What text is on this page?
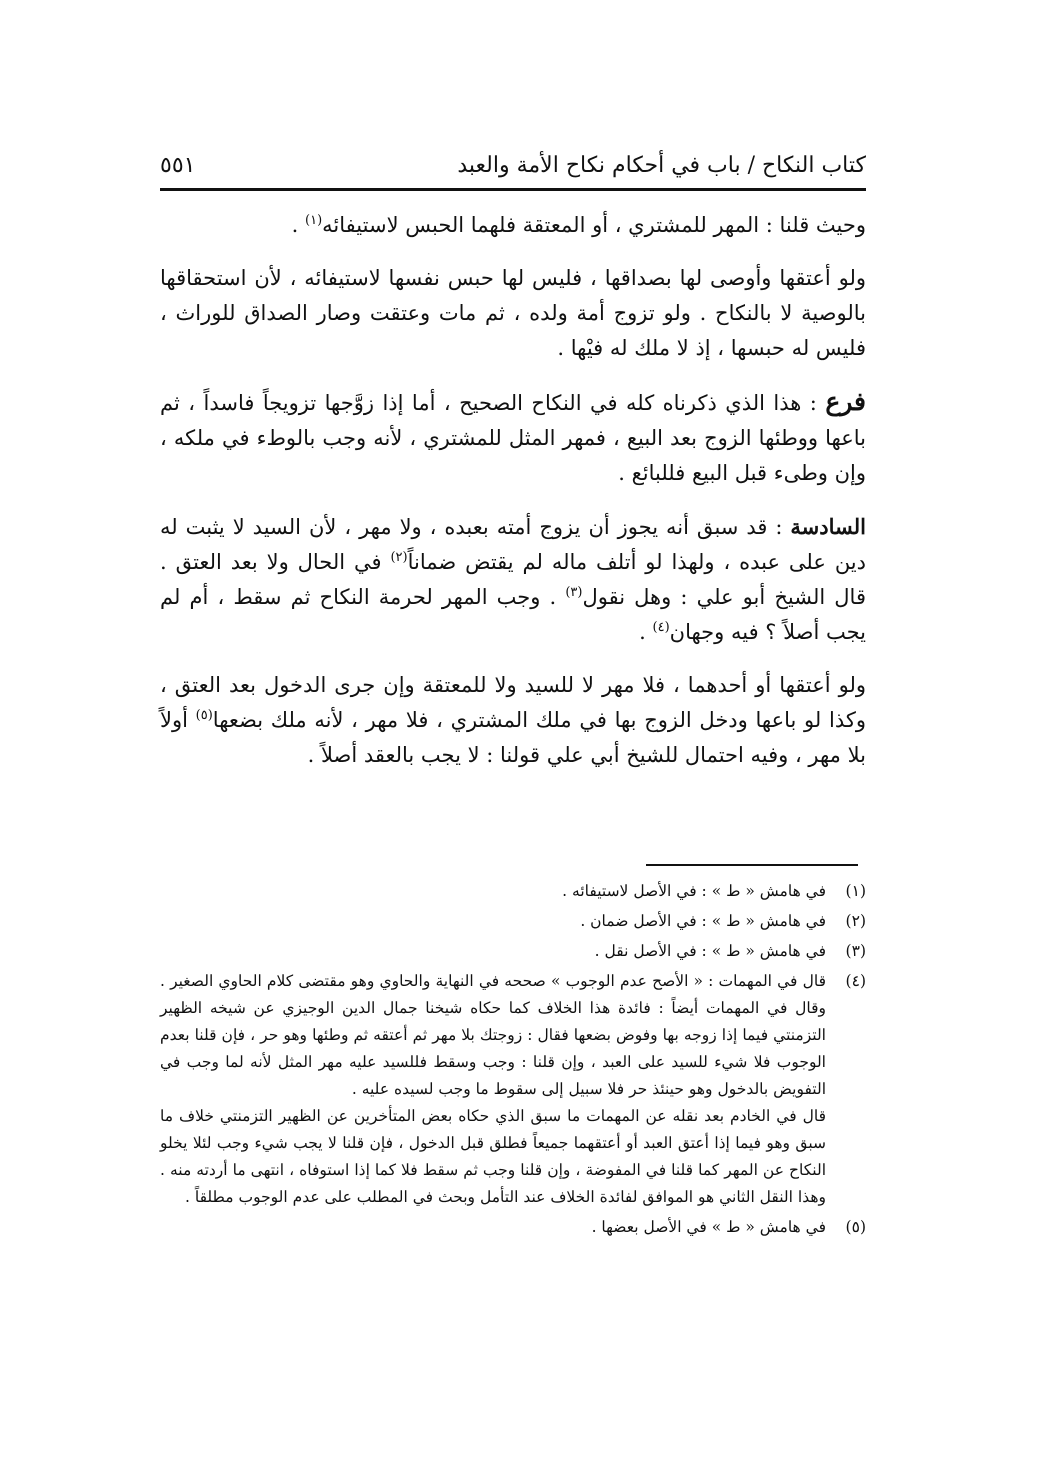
كتاب النكاح / باب في أحكام نكاح الأمة والعبد
٥٥١

وحيث قلنا : المهر للمشتري ، أو المعتقة فلهما الحبس لاستيفائه$^{(١)}$ .

ولو أعتقها وأوصى لها بصداقها ، فليس لها حبس نفسها لاستيفائه ، لأن استحقاقها بالوصية لا بالنكاح . ولو تزوج أمة ولده ، ثم مات وعتقت وصار الصداق للوراث ، فليس له حبسها ، إذ لا ملك له فيْها .

فرع : هذا الذي ذكرناه كله في النكاح الصحيح ، أما إذا زوَّجها تزويجاً فاسداً ، ثم باعها ووطئها الزوج بعد البيع ، فمهر المثل للمشتري ، لأنه وجب بالوطء في ملكه ، وإن وطىء قبل البيع فللبائع .

السادسة : قد سبق أنه يجوز أن يزوج أمته بعبده ، ولا مهر ، لأن السيد لا يثبت له دين على عبده ، ولهذا لو أتلف ماله لم يقتض ضماناً$^{(٢)}$ في الحال ولا بعد العتق . قال الشيخ أبو علي : وهل نقول$^{(٣)}$ . وجب المهر لحرمة النكاح ثم سقط ، أم لم يجب أصلاً ؟ فيه وجهان$^{(٤)}$ .

ولو أعتقها أو أحدهما ، فلا مهر لا للسيد ولا للمعتقة وإن جرى الدخول بعد العتق ، وكذا لو باعها ودخل الزوج بها في ملك المشتري ، فلا مهر ، لأنه ملك بضعها$^{(٥)}$ أولاً بلا مهر ، وفيه احتمال للشيخ أبي علي قولنا : لا يجب بالعقد أصلاً .

(١)

في هامش « ط » : في الأصل لاستيفائه .

(٢)

في هامش « ط » : في الأصل ضمان .

(٣)

في هامش « ط » : في الأصل نقل .

(٤)

قال في المهمات : « الأصح عدم الوجوب » صححه في النهاية والحاوي وهو مقتضى كلام الحاوي الصغير . وقال في المهمات أيضاً : فائدة هذا الخلاف كما حكاه شيخنا جمال الدين الوجيزي عن شيخه الظهير التزمنتي فيما إذا زوجه بها وفوض بضعها فقال : زوجتك بلا مهر ثم أعتقه ثم وطئها وهو حر ، فإن قلنا بعدم الوجوب فلا شيء للسيد على العبد ، وإن قلنا : وجب وسقط فللسيد عليه مهر المثل لأنه لما وجب في التفويض بالدخول وهو حينئذ حر فلا سبيل إلى سقوط ما وجب لسيده عليه .

قال في الخادم بعد نقله عن المهمات ما سبق الذي حكاه بعض المتأخرين عن الظهير التزمنتي خلاف ما سبق وهو فيما إذا أعتق العبد أو أعتقهما جميعاً فطلق قبل الدخول ، فإن قلنا لا يجب شيء وجب لئلا يخلو النكاح عن المهر كما قلنا في المفوضة ، وإن قلنا وجب ثم سقط فلا كما إذا استوفاه ، انتهى ما أردته منه . وهذا النقل الثاني هو الموافق لفائدة الخلاف عند التأمل وبحث في المطلب على عدم الوجوب مطلقاً .

(٥)

في هامش « ط » في الأصل بعضها .
